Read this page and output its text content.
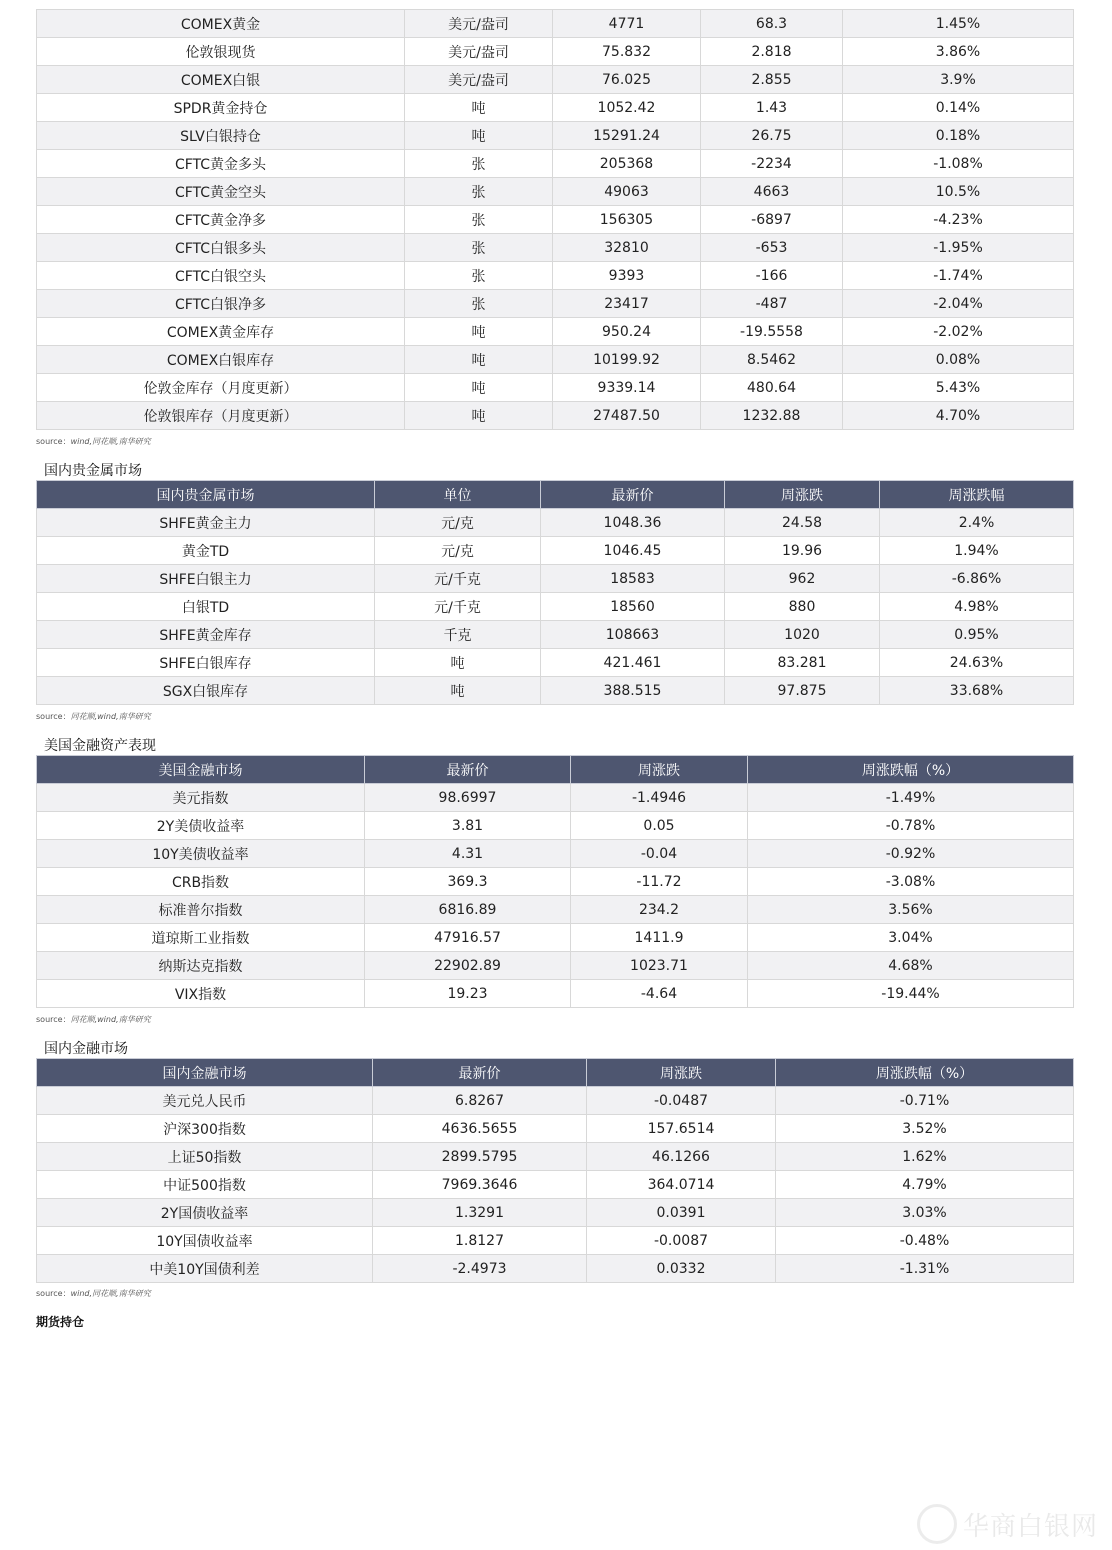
COMEX黄金	美元/盎司	4771	68.3	1.45%
伦敦银现货	美元/盎司	75.832	2.818	3.86%
COMEX白银	美元/盎司	76.025	2.855	3.9%
SPDR黄金持仓	吨	1052.42	1.43	0.14%
SLV白银持仓	吨	15291.24	26.75	0.18%
CFTC黄金多头	张	205368	-2234	-1.08%
CFTC黄金空头	张	49063	4663	10.5%
CFTC黄金净多	张	156305	-6897	-4.23%
CFTC白银多头	张	32810	-653	-1.95%
CFTC白银空头	张	9393	-166	-1.74%
CFTC白银净多	张	23417	-487	-2.04%
COMEX黄金库存	吨	950.24	-19.5558	-2.02%
COMEX白银库存	吨	10199.92	8.5462	0.08%
伦敦金库存（月度更新）	吨	9339.14	480.64	5.43%
伦敦银库存（月度更新）	吨	27487.50	1232.88	4.70%
source：wind,同花顺,南华研究
国内贵金属市场
国内贵金属市场	单位	最新价	周涨跌	周涨跌幅
SHFE黄金主力	元/克	1048.36	24.58	2.4%
黄金TD	元/克	1046.45	19.96	1.94%
SHFE白银主力	元/千克	18583	962	-6.86%
白银TD	元/千克	18560	880	4.98%
SHFE黄金库存	千克	108663	1020	0.95%
SHFE白银库存	吨	421.461	83.281	24.63%
SGX白银库存	吨	388.515	97.875	33.68%
source：同花顺,wind,南华研究
美国金融资产表现
美国金融市场	最新价	周涨跌	周涨跌幅（%）
美元指数	98.6997	-1.4946	-1.49%
2Y美债收益率	3.81	0.05	-0.78%
10Y美债收益率	4.31	-0.04	-0.92%
CRB指数	369.3	-11.72	-3.08%
标准普尔指数	6816.89	234.2	3.56%
道琼斯工业指数	47916.57	1411.9	3.04%
纳斯达克指数	22902.89	1023.71	4.68%
VIX指数	19.23	-4.64	-19.44%
source：同花顺,wind,南华研究
国内金融市场
国内金融市场	最新价	周涨跌	周涨跌幅（%）
美元兑人民币	6.8267	-0.0487	-0.71%
沪深300指数	4636.5655	157.6514	3.52%
上证50指数	2899.5795	46.1266	1.62%
中证500指数	7969.3646	364.0714	4.79%
2Y国债收益率	1.3291	0.0391	3.03%
10Y国债收益率	1.8127	-0.0087	-0.48%
中美10Y国债利差	-2.4973	0.0332	-1.31%
source：wind,同花顺,南华研究
期货持仓
华商白银网
